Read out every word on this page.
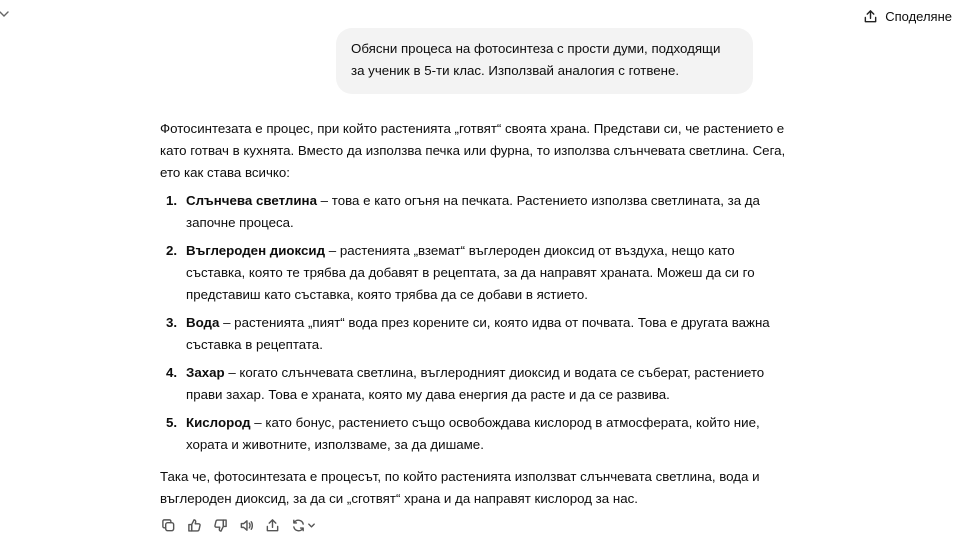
Споделяне
Обясни процеса на фотосинтеза с прости думи, подходящи за ученик в 5-ти клас. Използвай аналогия с готвене.

Фотосинтезата е процес, при който растенията „готвят“ своята храна. Представи си, че растението е като готвач в кухнята. Вместо да използва печка или фурна, то използва слънчевата светлина. Сега, ето как става всичко:

1. Слънчева светлина – това е като огъня на печката. Растението използва светлината, за да започне процеса.
2. Въглероден диоксид – растенията „вземат“ въглероден диоксид от въздуха, нещо като съставка, която те трябва да добавят в рецептата, за да направят храната. Можеш да си го представиш като съставка, която трябва да се добави в ястието.
3. Вода – растенията „пият“ вода през корените си, която идва от почвата. Това е другата важна съставка в рецептата.
4. Захар – когато слънчевата светлина, въглеродният диоксид и водата се съберат, растението прави захар. Това е храната, която му дава енергия да расте и да се развива.
5. Кислород – като бонус, растението също освобождава кислород в атмосферата, който ние, хората и животните, използваме, за да дишаме.

Така че, фотосинтезата е процесът, по който растенията използват слънчевата светлина, вода и въглероден диоксид, за да си „сготвят“ храна и да направят кислород за нас.
